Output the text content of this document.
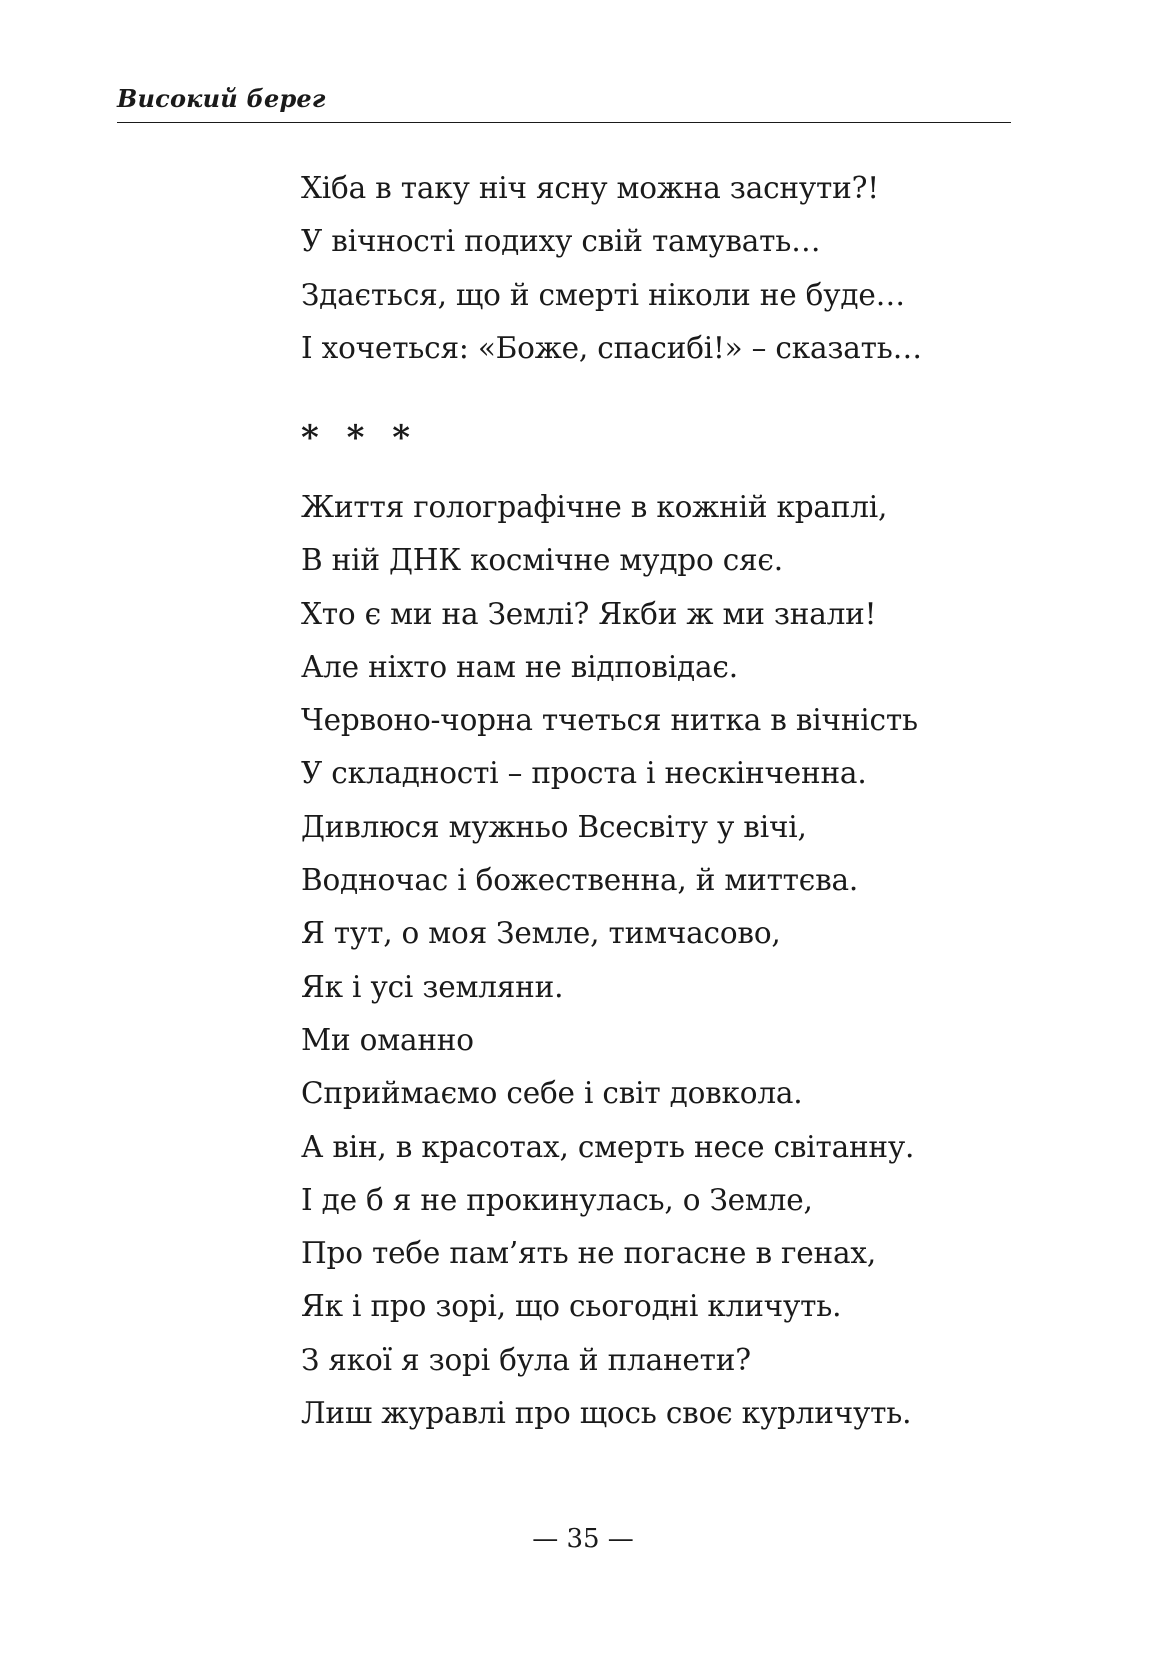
Високий берег
Хіба в таку ніч ясну можна заснути?!
У вічності подиху свій тамувать…
Здається, що й смерті ніколи не буде…
І хочеться: «Боже, спасибі!» – сказать…
* * *
Життя голографічне в кожній краплі,
В ній ДНК космічне мудро сяє.
Хто є ми на Землі? Якби ж ми знали!
Але ніхто нам не відповідає.
Червоно-чорна тчеться нитка в вічність
У складності – проста і нескінченна.
Дивлюся мужньо Всесвіту у вічі,
Водночас і божественна, й миттєва.
Я тут, о моя Земле, тимчасово,
Як і усі земляни.
Ми оманно
Сприймаємо себе і світ довкола.
А він, в красотах, смерть несе світанну.
І де б я не прокинулась, о Земле,
Про тебе пам’ять не погасне в генах,
Як і про зорі, що сьогодні кличуть.
З якої я зорі була й планети?
Лиш журавлі про щось своє курличуть.
— 35 —
